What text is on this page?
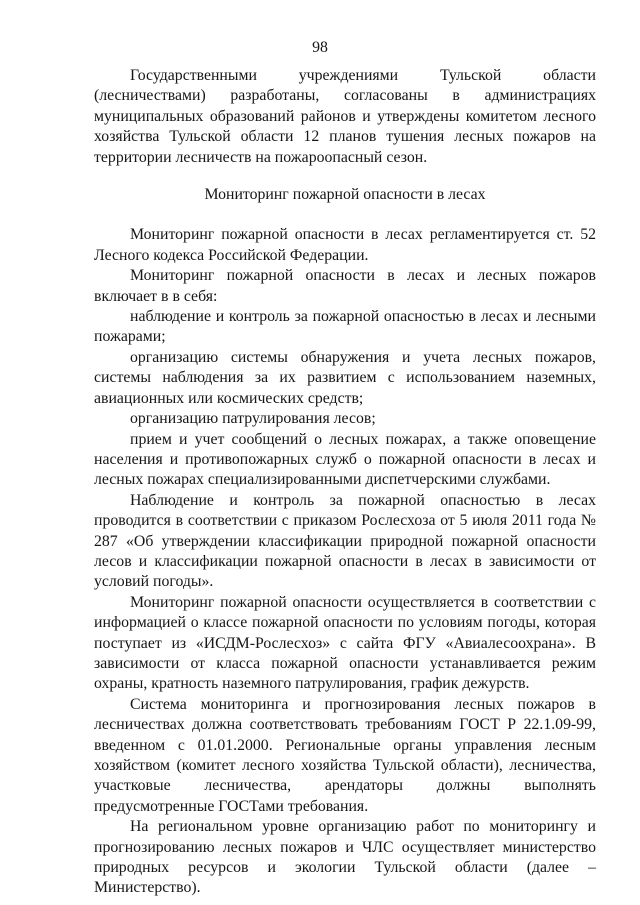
98

Государственными учреждениями Тульской области (лесничествами) разработаны, согласованы в администрациях муниципальных образований районов и утверждены комитетом лесного хозяйства Тульской области 12 планов тушения лесных пожаров на территории лесничеств на пожароопасный сезон.

Мониторинг пожарной опасности в лесах

Мониторинг пожарной опасности в лесах регламентируется ст. 52 Лесного кодекса Российской Федерации.

Мониторинг пожарной опасности в лесах и лесных пожаров включает в в себя:

наблюдение и контроль за пожарной опасностью в лесах и лесными пожарами;

организацию системы обнаружения и учета лесных пожаров, системы наблюдения за их развитием с использованием наземных, авиационных или космических средств;

организацию патрулирования лесов;

прием и учет сообщений о лесных пожарах, а также оповещение населения и противопожарных служб о пожарной опасности в лесах и лесных пожарах специализированными диспетчерскими службами.

Наблюдение и контроль за пожарной опасностью в лесах проводится в соответствии с приказом Рослесхоза от 5 июля 2011 года № 287 «Об утверждении классификации природной пожарной опасности лесов и классификации пожарной опасности в лесах в зависимости от условий погоды».

Мониторинг пожарной опасности осуществляется в соответствии с информацией о классе пожарной опасности по условиям погоды, которая поступает из «ИСДМ-Рослесхоз» с сайта ФГУ «Авиалесоохрана». В зависимости от класса пожарной опасности устанавливается режим охраны, кратность наземного патрулирования, график дежурств.

Система мониторинга и прогнозирования лесных пожаров в лесничествах должна соответствовать требованиям ГОСТ Р 22.1.09-99, введенном с 01.01.2000. Региональные органы управления лесным хозяйством (комитет лесного хозяйства Тульской области), лесничества, участковые лесничества, арендаторы должны выполнять предусмотренные ГОСТами требования.

На региональном уровне организацию работ по мониторингу и прогнозированию лесных пожаров и ЧЛС осуществляет министерство природных ресурсов и экологии Тульской области (далее – Министерство).
